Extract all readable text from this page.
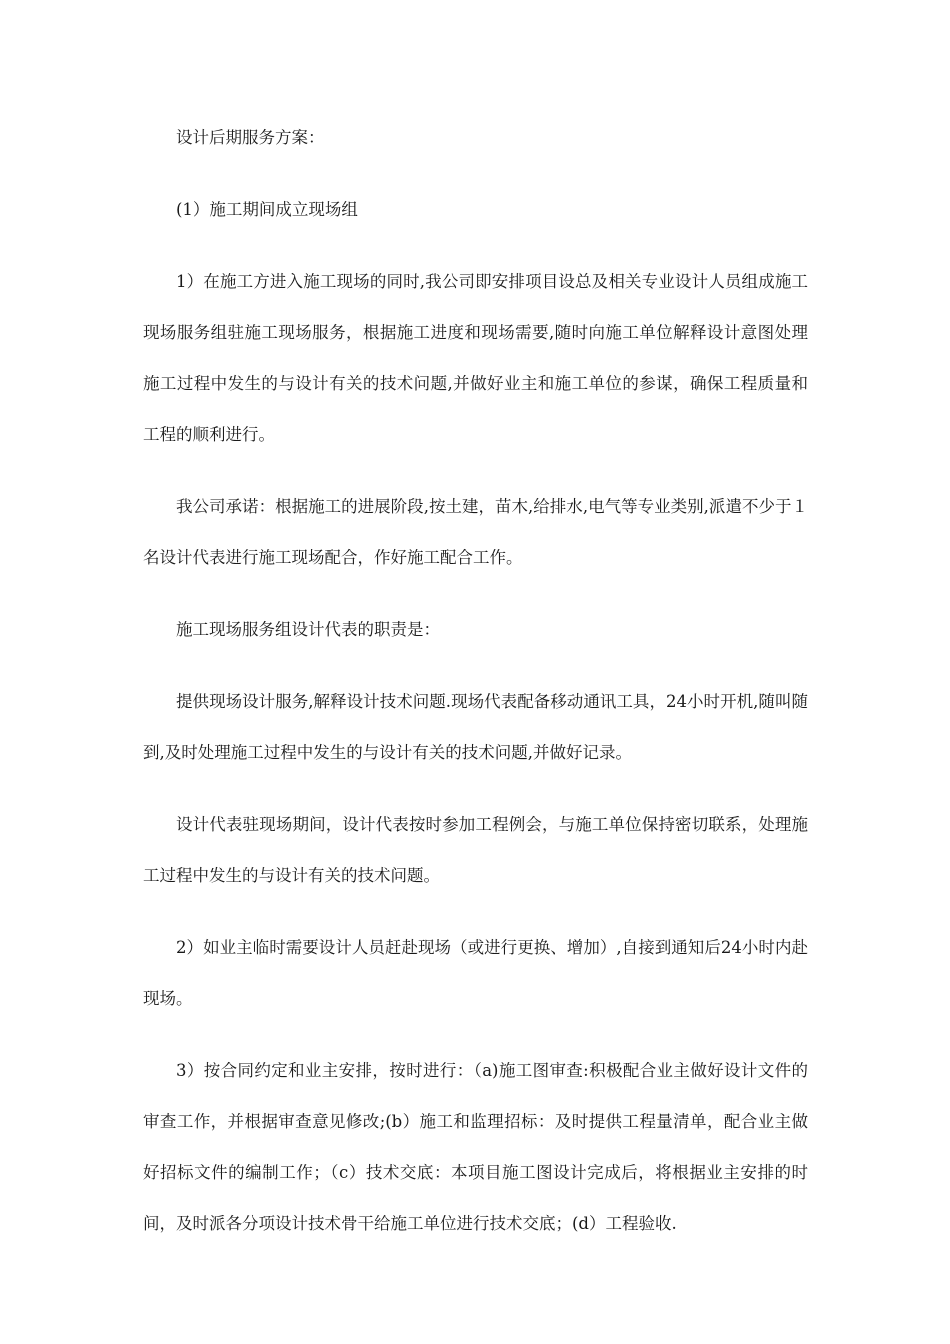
设计后期服务方案：

(1）施工期间成立现场组

1）在施工方进入施工现场的同时,我公司即安排项目设总及相关专业设计人员组成施工现场服务组驻施工现场服务，根据施工进度和现场需要,随时向施工单位解释设计意图处理施工过程中发生的与设计有关的技术问题,并做好业主和施工单位的参谋，确保工程质量和工程的顺利进行。

我公司承诺：根据施工的进展阶段,按土建，苗木,给排水,电气等专业类别,派遣不少于１名设计代表进行施工现场配合，作好施工配合工作。

施工现场服务组设计代表的职责是：

提供现场设计服务,解释设计技术问题.现场代表配备移动通讯工具，24小时开机,随叫随到,及时处理施工过程中发生的与设计有关的技术问题,并做好记录。

设计代表驻现场期间，设计代表按时参加工程例会，与施工单位保持密切联系，处理施工过程中发生的与设计有关的技术问题。

2）如业主临时需要设计人员赶赴现场（或进行更换、增加）,自接到通知后24小时内赴现场。

3）按合同约定和业主安排，按时进行：（a)施工图审查:积极配合业主做好设计文件的审查工作，并根据审查意见修改;(b）施工和监理招标：及时提供工程量清单，配合业主做好招标文件的编制工作；（c）技术交底：本项目施工图设计完成后，将根据业主安排的时间，及时派各分项设计技术骨干给施工单位进行技术交底；(d）工程验收.
